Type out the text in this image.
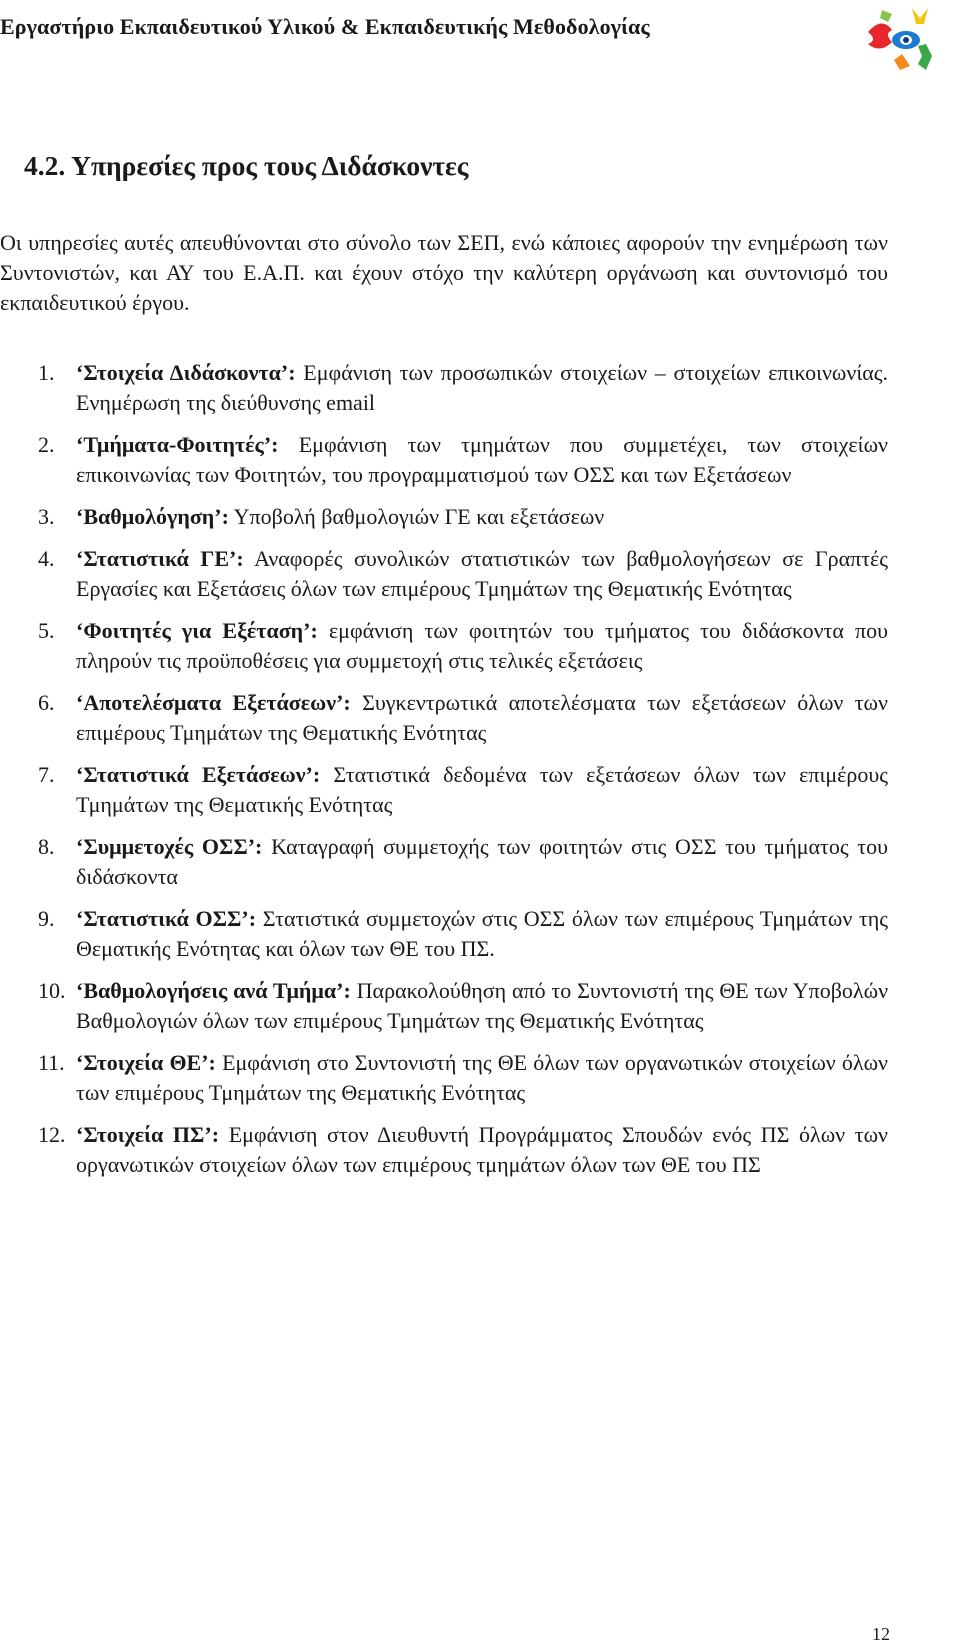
Εργαστήριο Εκπαιδευτικού Υλικού & Εκπαιδευτικής Μεθοδολογίας
4.2. Υπηρεσίες προς τους Διδάσκοντες
Οι υπηρεσίες αυτές απευθύνονται στο σύνολο των ΣΕΠ, ενώ κάποιες αφορούν την ενημέρωση των Συντονιστών, και ΑΥ του Ε.Α.Π. και έχουν στόχο την καλύτερη οργάνωση και συντονισμό του εκπαιδευτικού έργου.
1. ‘Στοιχεία Διδάσκοντα’: Εμφάνιση των προσωπικών στοιχείων – στοιχείων επικοινωνίας. Ενημέρωση της διεύθυνσης email
2. ‘Τμήματα-Φοιτητές’: Εμφάνιση των τμημάτων που συμμετέχει, των στοιχείων επικοινωνίας των Φοιτητών, του προγραμματισμού των ΟΣΣ και των Εξετάσεων
3. ‘Βαθμολόγηση’: Υποβολή βαθμολογιών ΓΕ και εξετάσεων
4. ‘Στατιστικά ΓΕ’: Αναφορές συνολικών στατιστικών των βαθμολογήσεων σε Γραπτές Εργασίες και Εξετάσεις όλων των επιμέρους Τμημάτων της Θεματικής Ενότητας
5. ‘Φοιτητές για Εξέταση’: εμφάνιση των φοιτητών του τμήματος του διδάσκοντα που πληρούν τις προϋποθέσεις για συμμετοχή στις τελικές εξετάσεις
6. ‘Αποτελέσματα Εξετάσεων’: Συγκεντρωτικά αποτελέσματα των εξετάσεων όλων των επιμέρους Τμημάτων της Θεματικής Ενότητας
7. ‘Στατιστικά Εξετάσεων’: Στατιστικά δεδομένα των εξετάσεων όλων των επιμέρους Τμημάτων της Θεματικής Ενότητας
8. ‘Συμμετοχές ΟΣΣ’: Καταγραφή συμμετοχής των φοιτητών στις ΟΣΣ του τμήματος του διδάσκοντα
9. ‘Στατιστικά ΟΣΣ’: Στατιστικά συμμετοχών στις ΟΣΣ όλων των επιμέρους Τμημάτων της Θεματικής Ενότητας και όλων των ΘΕ του ΠΣ.
10. ‘Βαθμολογήσεις ανά Τμήμα’: Παρακολούθηση από το Συντονιστή της ΘΕ των Υποβολών Βαθμολογιών όλων των επιμέρους Τμημάτων της Θεματικής Ενότητας
11. ‘Στοιχεία ΘΕ’: Εμφάνιση στο Συντονιστή της ΘΕ όλων των οργανωτικών στοιχείων όλων των επιμέρους Τμημάτων της Θεματικής Ενότητας
12. ‘Στοιχεία ΠΣ’: Εμφάνιση στον Διευθυντή Προγράμματος Σπουδών ενός ΠΣ όλων των οργανωτικών στοιχείων όλων των επιμέρους τμημάτων όλων των ΘΕ του ΠΣ
12
